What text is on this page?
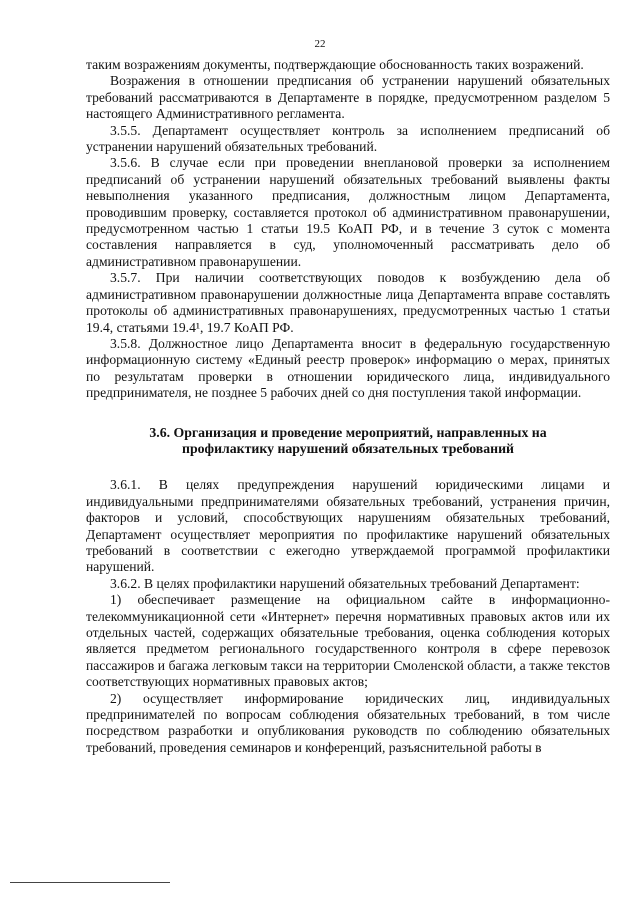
22

таким возражениям документы, подтверждающие обоснованность таких возражений.

Возражения в отношении предписания об устранении нарушений обязательных требований рассматриваются в Департаменте в порядке, предусмотренном разделом 5 настоящего Административного регламента.

3.5.5. Департамент осуществляет контроль за исполнением предписаний об устранении нарушений обязательных требований.

3.5.6. В случае если при проведении внеплановой проверки за исполнением предписаний об устранении нарушений обязательных требований выявлены факты невыполнения указанного предписания, должностным лицом Департамента, проводившим проверку, составляется протокол об административном правонарушении, предусмотренном частью 1 статьи 19.5 КоАП РФ, и в течение 3 суток с момента составления направляется в суд, уполномоченный рассматривать дело об административном правонарушении.

3.5.7. При наличии соответствующих поводов к возбуждению дела об административном правонарушении должностные лица Департамента вправе составлять протоколы об административных правонарушениях, предусмотренных частью 1 статьи 19.4, статьями 19.4¹, 19.7 КоАП РФ.

3.5.8. Должностное лицо Департамента вносит в федеральную государственную информационную систему «Единый реестр проверок» информацию о мерах, принятых по результатам проверки в отношении юридического лица, индивидуального предпринимателя, не позднее 5 рабочих дней со дня поступления такой информации.

3.6. Организация и проведение мероприятий, направленных на профилактику нарушений обязательных требований

3.6.1. В целях предупреждения нарушений юридическими лицами и индивидуальными предпринимателями обязательных требований, устранения причин, факторов и условий, способствующих нарушениям обязательных требований, Департамент осуществляет мероприятия по профилактике нарушений обязательных требований в соответствии с ежегодно утверждаемой программой профилактики нарушений.

3.6.2. В целях профилактики нарушений обязательных требований Департамент:

1) обеспечивает размещение на официальном сайте в информационно-телекоммуникационной сети «Интернет» перечня нормативных правовых актов или их отдельных частей, содержащих обязательные требования, оценка соблюдения которых является предметом регионального государственного контроля в сфере перевозок пассажиров и багажа легковым такси на территории Смоленской области, а также текстов соответствующих нормативных правовых актов;

2) осуществляет информирование юридических лиц, индивидуальных предпринимателей по вопросам соблюдения обязательных требований, в том числе посредством разработки и опубликования руководств по соблюдению обязательных требований, проведения семинаров и конференций, разъяснительной работы в
